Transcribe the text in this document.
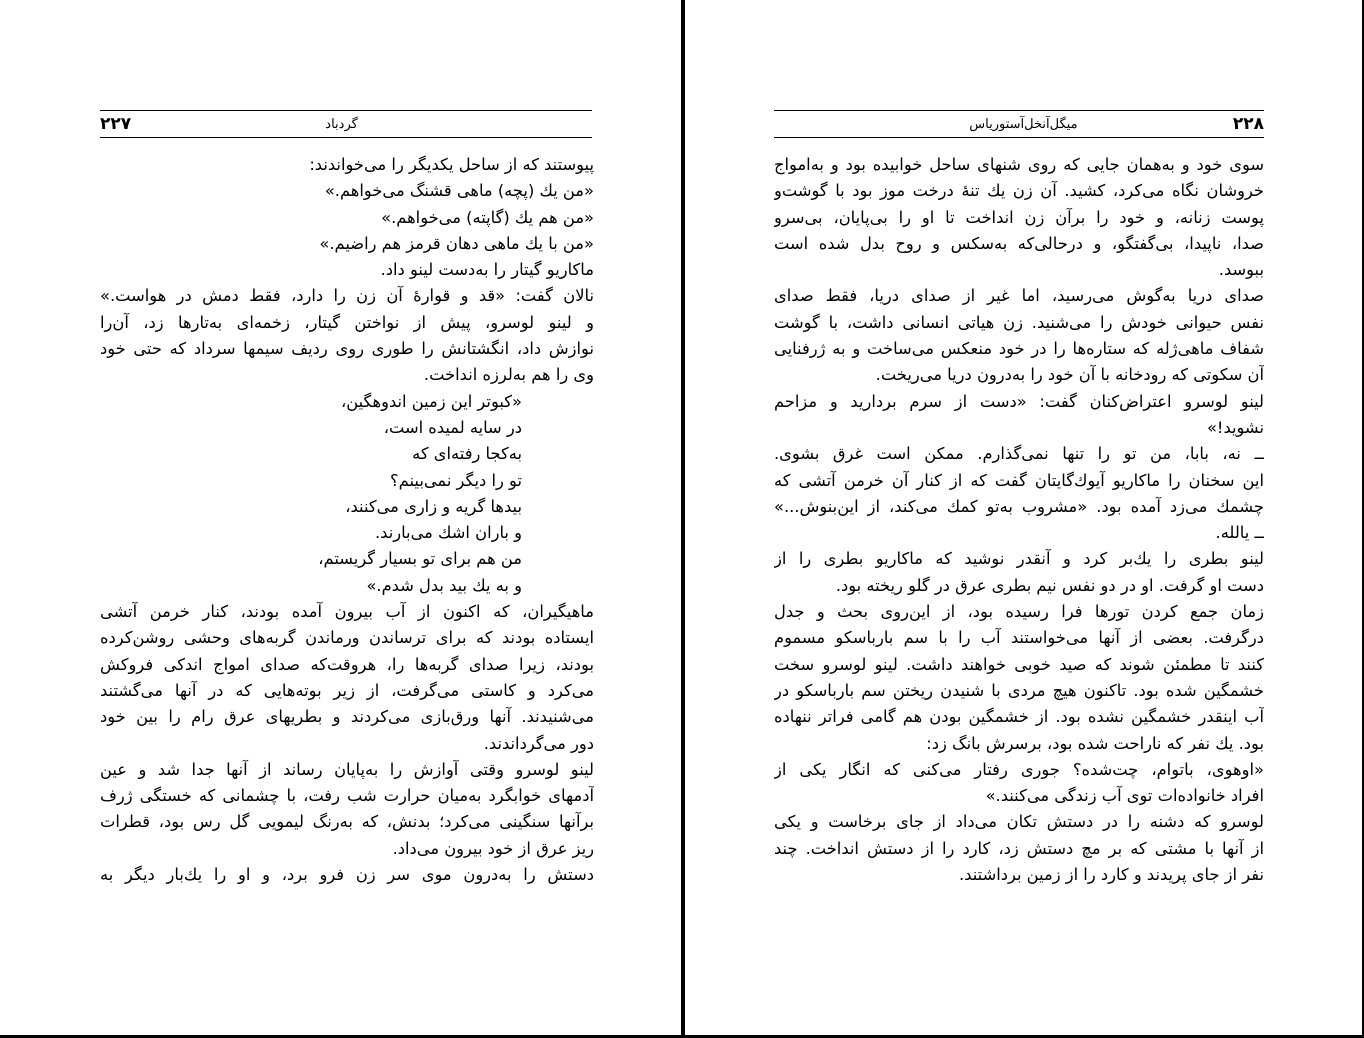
۲۲۷	گردباد
پیوستند که از ساحل یکدیگر را می‌خواندند:
«من یك (پچه) ماهی قشنگ می‌خواهم.»
«من هم یك (گاپته) می‌خواهم.»
«من با یك ماهی دهان قرمز هم راضیم.»
ماکاریو گیتار را به‌دست لینو داد.
نالان گفت: «قد و قوارهٔ آن زن را دارد، فقط دمش در هواست.»
و لینو لوسرو، پیش از نواختن گیتار، زخمه‌ای به‌تارها زد، آن‌را
نوازش داد، انگشتانش را طوری روی ردیف سیمها سرداد که حتی خود
وی را هم به‌لرزه انداخت.
«کبوتر این زمین اندوهگین،
در سایه لمیده است،
به‌کجا رفته‌ای که
تو را دیگر نمی‌بینم؟
بیدها گریه و زاری می‌کنند،
و باران اشك می‌بارند.
من هم برای تو بسیار گریستم،
و به یك بید بدل شدم.»
ماهیگیران، که اکنون از آب بیرون آمده بودند، کنار خرمن آتشی
ایستاده بودند که برای ترساندن ورماندن گربه‌های وحشی روشن‌کرده
بودند، زیرا صدای گربه‌ها را، هروقت‌که صدای امواج اندکی فروکش
می‌کرد و کاستی می‌گرفت، از زیر بوته‌هایی که در آنها می‌گشتند
می‌شنیدند. آنها ورق‌بازی می‌کردند و بطریهای عرق رام را بین خود
دور می‌گرداندند.
لینو لوسرو وقتی آوازش را به‌پایان رساند از آنها جدا شد و عین
آدمهای خوابگرد به‌میان حرارت شب رفت، با چشمانی که خستگی ژرف
برآنها سنگینی می‌کرد؛ بدنش، که به‌رنگ لیمویی گل رس بود، قطرات
ریز عرق از خود بیرون می‌داد.
دستش را به‌درون موی سر زن فرو برد، و او را یك‌بار دیگر به
میگل‌آنخل‌آستوریاس	۲۲۸
سوی خود و به‌همان جایی که روی شنهای ساحل خوابیده بود و به‌امواج
خروشان نگاه می‌کرد، کشید. آن زن یك تنهٔ درخت موز بود با گوشت‌و
پوست زنانه، و خود را برآن زن انداخت تا او را بی‌پایان، بی‌سرو
صدا، ناپیدا، بی‌گفتگو، و درحالی‌که به‌سکس و روح بدل شده است
ببوسد.
صدای دریا به‌گوش می‌رسید، اما غیر از صدای دریا، فقط صدای
نفس حیوانی خودش را می‌شنید. زن هیاتی انسانی داشت، با گوشت
شفاف ماهی‌ژله که ستاره‌ها را در خود منعکس می‌ساخت و به ژرفنایی
آن سکوتی که رودخانه با آن خود را به‌درون دریا می‌ریخت.
لینو لوسرو اعتراض‌کنان گفت: «دست از سرم بردارید و مزاحم
نشوید!»
ــ نه، بابا، من تو را تنها نمی‌گذارم. ممکن است غرق بشوی.
این سخنان را ماکاریو آیوك‌گایتان گفت که از کنار آن خرمن آتشی که
چشمك می‌زد آمده بود. «مشروب به‌تو کمك می‌کند، از این‌بنوش...»
ــ یالله.
لینو بطری را یك‌بر کرد و آنقدر نوشید که ماکاریو بطری را از
دست او گرفت. او در دو نفس نیم بطری عرق در گلو ریخته بود.
زمان جمع کردن تورها فرا رسیده بود، از این‌روی بحث و جدل
درگرفت. بعضی از آنها می‌خواستند آب را با سم بارباسکو مسموم
کنند تا مطمئن شوند که صید خوبی خواهند داشت. لینو لوسرو سخت
خشمگین شده بود. تاکنون هیچ مردی با شنیدن ریختن سم بارباسکو در
آب اینقدر خشمگین نشده بود. از خشمگین بودن هم گامی فراتر ننهاده
بود. یك نفر که ناراحت شده بود، برسرش بانگ زد:
«اوهوی، باتوام، چت‌شده؟ جوری رفتار می‌کنی که انگار یکی از
افراد خانواده‌ات توی آب زندگی می‌کنند.»
لوسرو که دشنه را در دستش تکان می‌داد از جای برخاست و یکی
از آنها با مشتی که بر مچ دستش زد، کارد را از دستش انداخت. چند
نفر از جای پریدند و کارد را از زمین برداشتند.
